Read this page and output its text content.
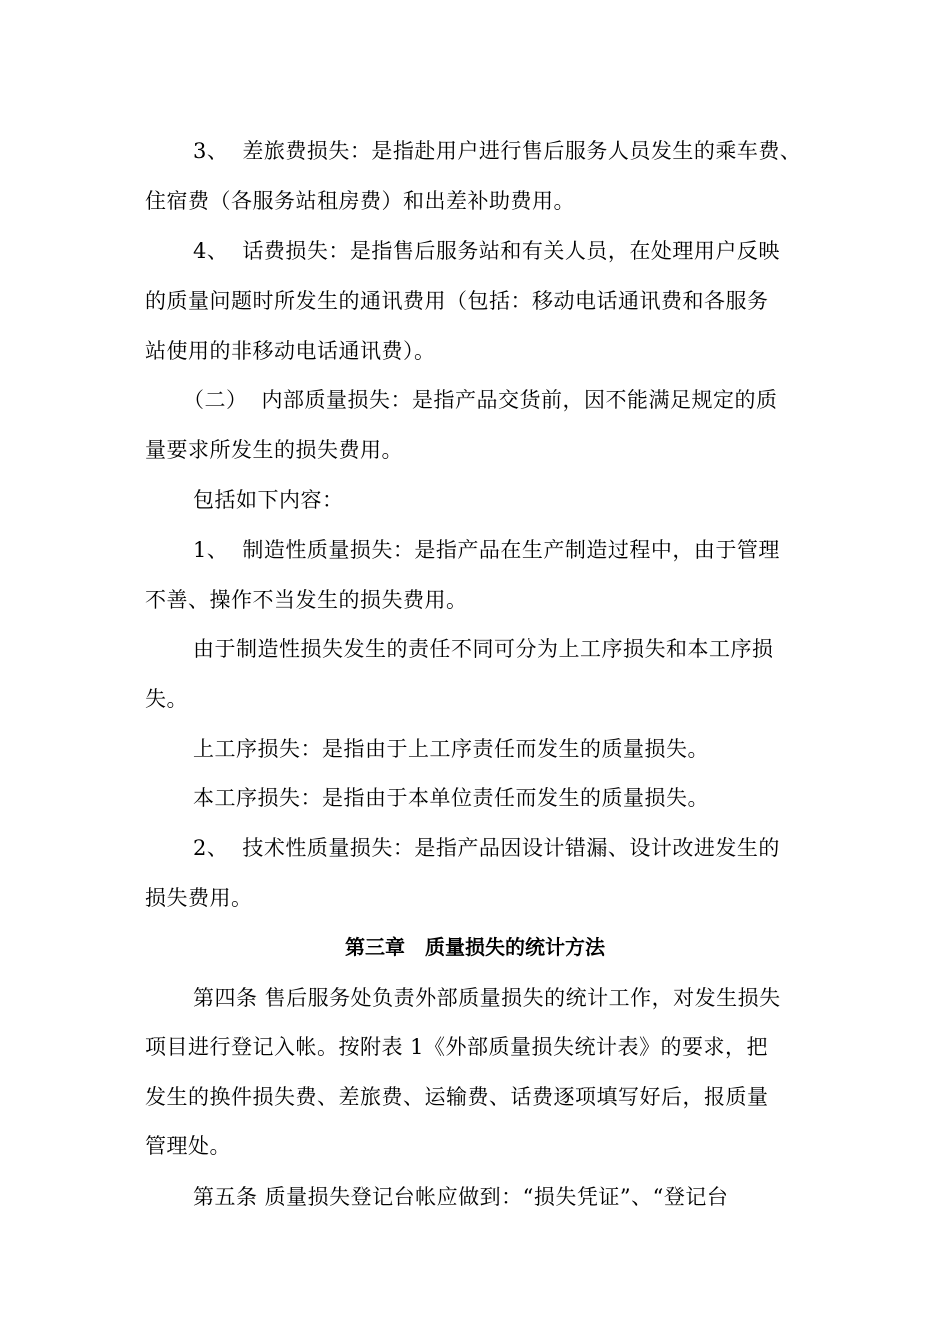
3、 差旅费损失：是指赴用户进行售后服务人员发生的乘车费、
住宿费（各服务站租房费）和出差补助费用。
4、 话费损失：是指售后服务站和有关人员，在处理用户反映
的质量问题时所发生的通讯费用（包括：移动电话通讯费和各服务
站使用的非移动电话通讯费）。
（二） 内部质量损失：是指产品交货前，因不能满足规定的质
量要求所发生的损失费用。
包括如下内容：
1、 制造性质量损失：是指产品在生产制造过程中，由于管理
不善、操作不当发生的损失费用。
由于制造性损失发生的责任不同可分为上工序损失和本工序损
失。
上工序损失：是指由于上工序责任而发生的质量损失。
本工序损失：是指由于本单位责任而发生的质量损失。
2、 技术性质量损失：是指产品因设计错漏、设计改进发生的
损失费用。
第三章　质量损失的统计方法
第四条 售后服务处负责外部质量损失的统计工作，对发生损失
项目进行登记入帐。按附表 1《外部质量损失统计表》的要求，把
发生的换件损失费、差旅费、运输费、话费逐项填写好后，报质量
管理处。
第五条 质量损失登记台帐应做到：“损失凭证”、“登记台
